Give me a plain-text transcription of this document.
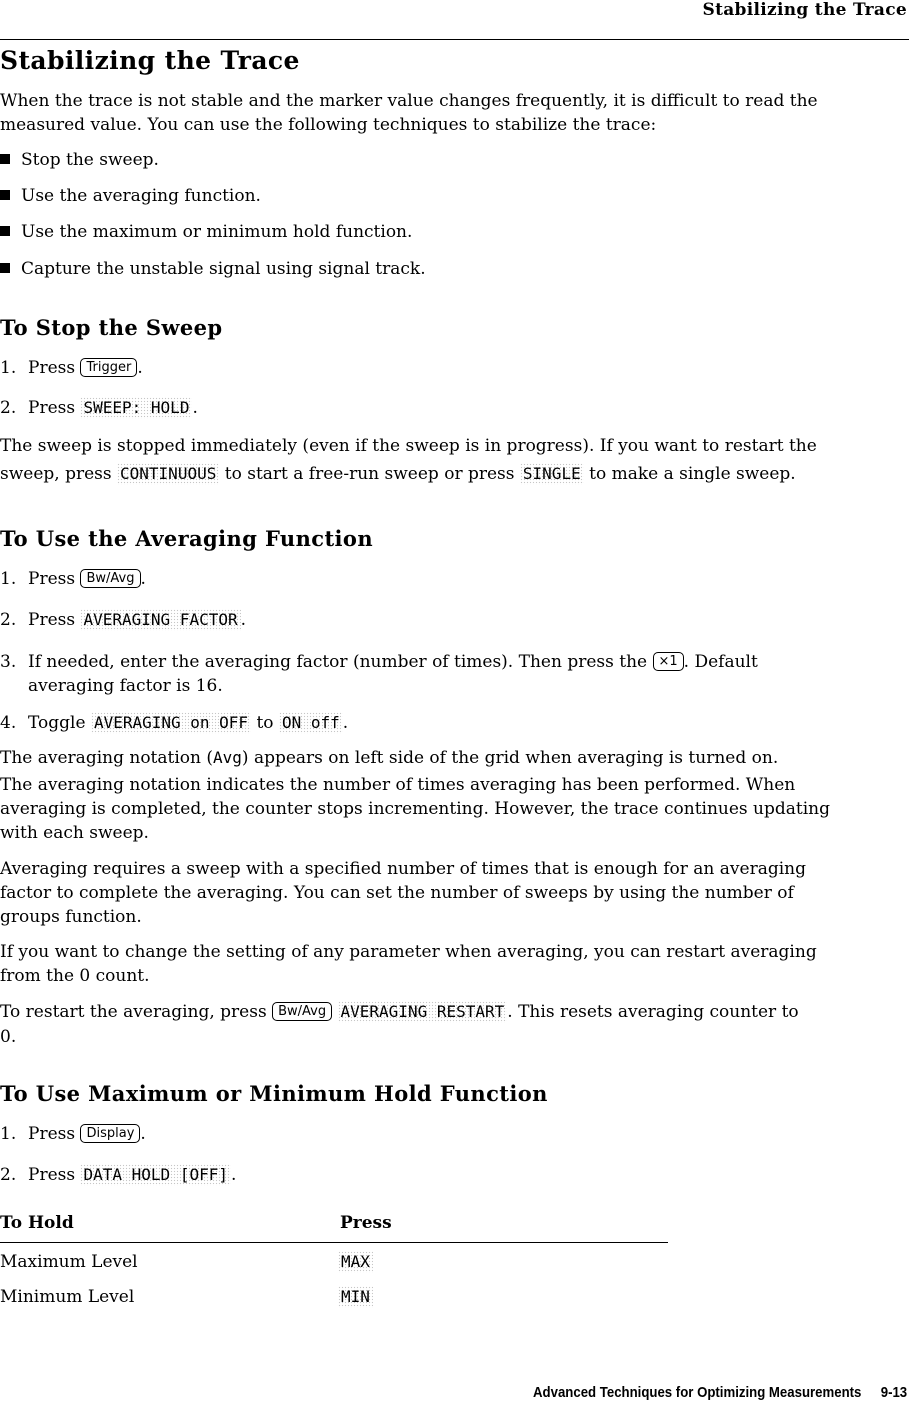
Stabilizing the Trace
Stabilizing the Trace
When the trace is not stable and the marker value changes frequently, it is difficult to read the
measured value. You can use the following techniques to stabilize the trace:
Stop the sweep.
Use the averaging function.
Use the maximum or minimum hold function.
Capture the unstable signal using signal track.
To Stop the Sweep
1. Press Trigger .
2. Press SWEEP: HOLD .
The sweep is stopped immediately (even if the sweep is in progress). If you want to restart the
sweep, press CONTINUOUS to start a free-run sweep or press SINGLE to make a single sweep.
To Use the Averaging Function
1. Press Bw/Avg .
2. Press AVERAGING FACTOR .
3. If needed, enter the averaging factor (number of times). Then press the ×1 . Default
averaging factor is 16.
4. Toggle AVERAGING on OFF to ON off .
The averaging notation (Avg) appears on left side of the grid when averaging is turned on.
The averaging notation indicates the number of times averaging has been performed. When
averaging is completed, the counter stops incrementing. However, the trace continues updating
with each sweep.
Averaging requires a sweep with a specified number of times that is enough for an averaging
factor to complete the averaging. You can set the number of sweeps by using the number of
groups function.
If you want to change the setting of any parameter when averaging, you can restart averaging
from the 0 count.
To restart the averaging, press Bw/Avg AVERAGING RESTART . This resets averaging counter to
0.
To Use Maximum or Minimum Hold Function
1. Press Display .
2. Press DATA HOLD [OFF] .
To Hold	Press
Maximum Level	MAX
Minimum Level	MIN
Advanced Techniques for Optimizing Measurements 9-13
